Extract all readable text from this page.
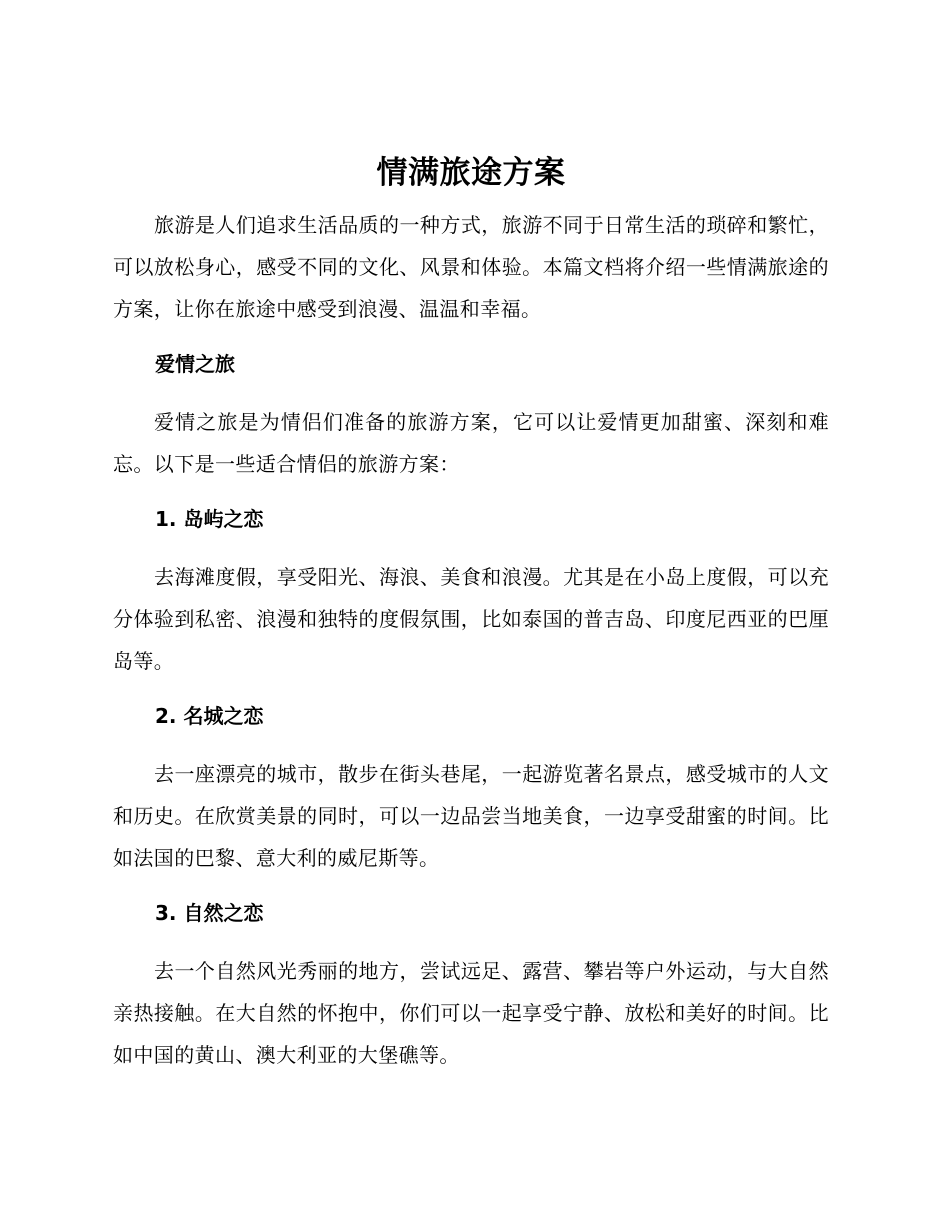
情满旅途方案

旅游是人们追求生活品质的一种方式，旅游不同于日常生活的琐碎和繁忙，可以放松身心，感受不同的文化、风景和体验。本篇文档将介绍一些情满旅途的方案，让你在旅途中感受到浪漫、温温和幸福。

爱情之旅

爱情之旅是为情侣们准备的旅游方案，它可以让爱情更加甜蜜、深刻和难忘。以下是一些适合情侣的旅游方案：

1. 岛屿之恋

去海滩度假，享受阳光、海浪、美食和浪漫。尤其是在小岛上度假，可以充分体验到私密、浪漫和独特的度假氛围，比如泰国的普吉岛、印度尼西亚的巴厘岛等。

2. 名城之恋

去一座漂亮的城市，散步在街头巷尾，一起游览著名景点，感受城市的人文和历史。在欣赏美景的同时，可以一边品尝当地美食，一边享受甜蜜的时间。比如法国的巴黎、意大利的威尼斯等。

3. 自然之恋

去一个自然风光秀丽的地方，尝试远足、露营、攀岩等户外运动，与大自然亲热接触。在大自然的怀抱中，你们可以一起享受宁静、放松和美好的时间。比如中国的黄山、澳大利亚的大堡礁等。
